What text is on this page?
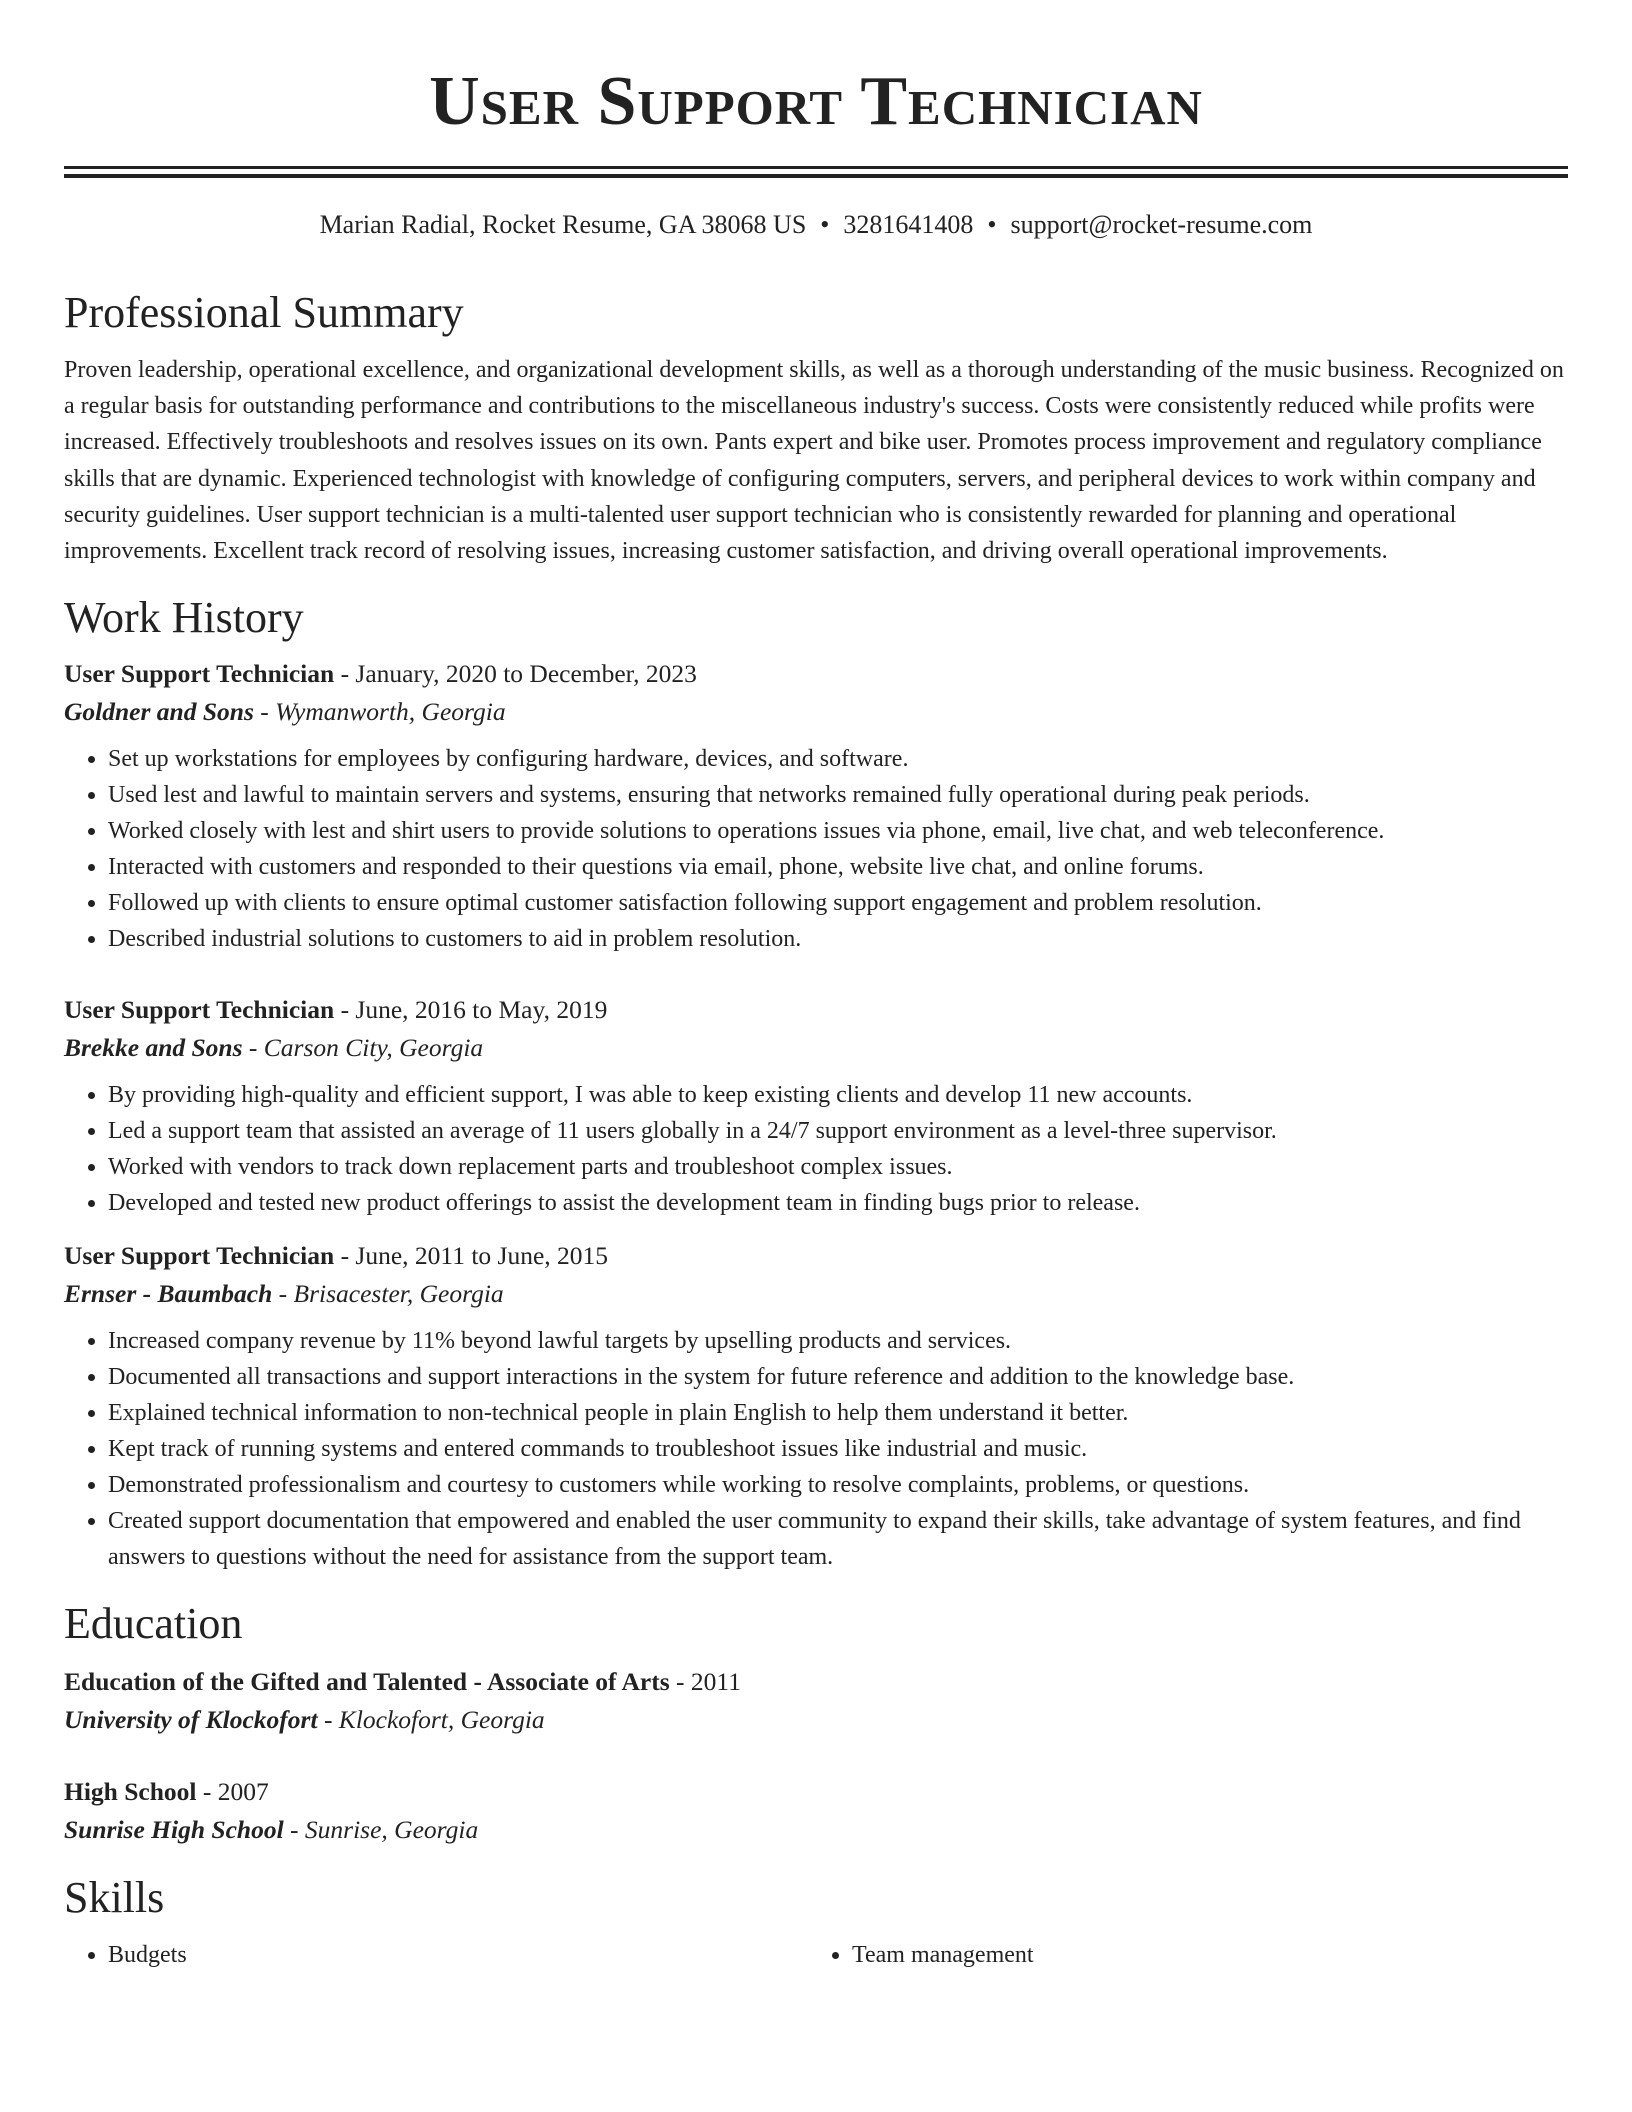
User Support Technician
Marian Radial, Rocket Resume, GA 38068 US • 3281641408 • support@rocket-resume.com
Professional Summary

Proven leadership, operational excellence, and organizational development skills, as well as a thorough understanding of the music business. Recognized on a regular basis for outstanding performance and contributions to the miscellaneous industry's success. Costs were consistently reduced while profits were increased. Effectively troubleshoots and resolves issues on its own. Pants expert and bike user. Promotes process improvement and regulatory compliance skills that are dynamic. Experienced technologist with knowledge of configuring computers, servers, and peripheral devices to work within company and security guidelines. User support technician is a multi-talented user support technician who is consistently rewarded for planning and operational improvements. Excellent track record of resolving issues, increasing customer satisfaction, and driving overall operational improvements.

Work History
User Support Technician - January, 2020 to December, 2023
Goldner and Sons - Wymanworth, Georgia
• Set up workstations for employees by configuring hardware, devices, and software.
• Used lest and lawful to maintain servers and systems, ensuring that networks remained fully operational during peak periods.
• Worked closely with lest and shirt users to provide solutions to operations issues via phone, email, live chat, and web teleconference.
• Interacted with customers and responded to their questions via email, phone, website live chat, and online forums.
• Followed up with clients to ensure optimal customer satisfaction following support engagement and problem resolution.
• Described industrial solutions to customers to aid in problem resolution.
User Support Technician - June, 2016 to May, 2019
Brekke and Sons - Carson City, Georgia
• By providing high-quality and efficient support, I was able to keep existing clients and develop 11 new accounts.
• Led a support team that assisted an average of 11 users globally in a 24/7 support environment as a level-three supervisor.
• Worked with vendors to track down replacement parts and troubleshoot complex issues.
• Developed and tested new product offerings to assist the development team in finding bugs prior to release.
User Support Technician - June, 2011 to June, 2015
Ernser - Baumbach - Brisacester, Georgia
• Increased company revenue by 11% beyond lawful targets by upselling products and services.
• Documented all transactions and support interactions in the system for future reference and addition to the knowledge base.
• Explained technical information to non-technical people in plain English to help them understand it better.
• Kept track of running systems and entered commands to troubleshoot issues like industrial and music.
• Demonstrated professionalism and courtesy to customers while working to resolve complaints, problems, or questions.
• Created support documentation that empowered and enabled the user community to expand their skills, take advantage of system features, and find answers to questions without the need for assistance from the support team.
Education
Education of the Gifted and Talented - Associate of Arts - 2011
University of Klockofort - Klockofort, Georgia
High School - 2007
Sunrise High School - Sunrise, Georgia
Skills
• Budgets
•	Team management
